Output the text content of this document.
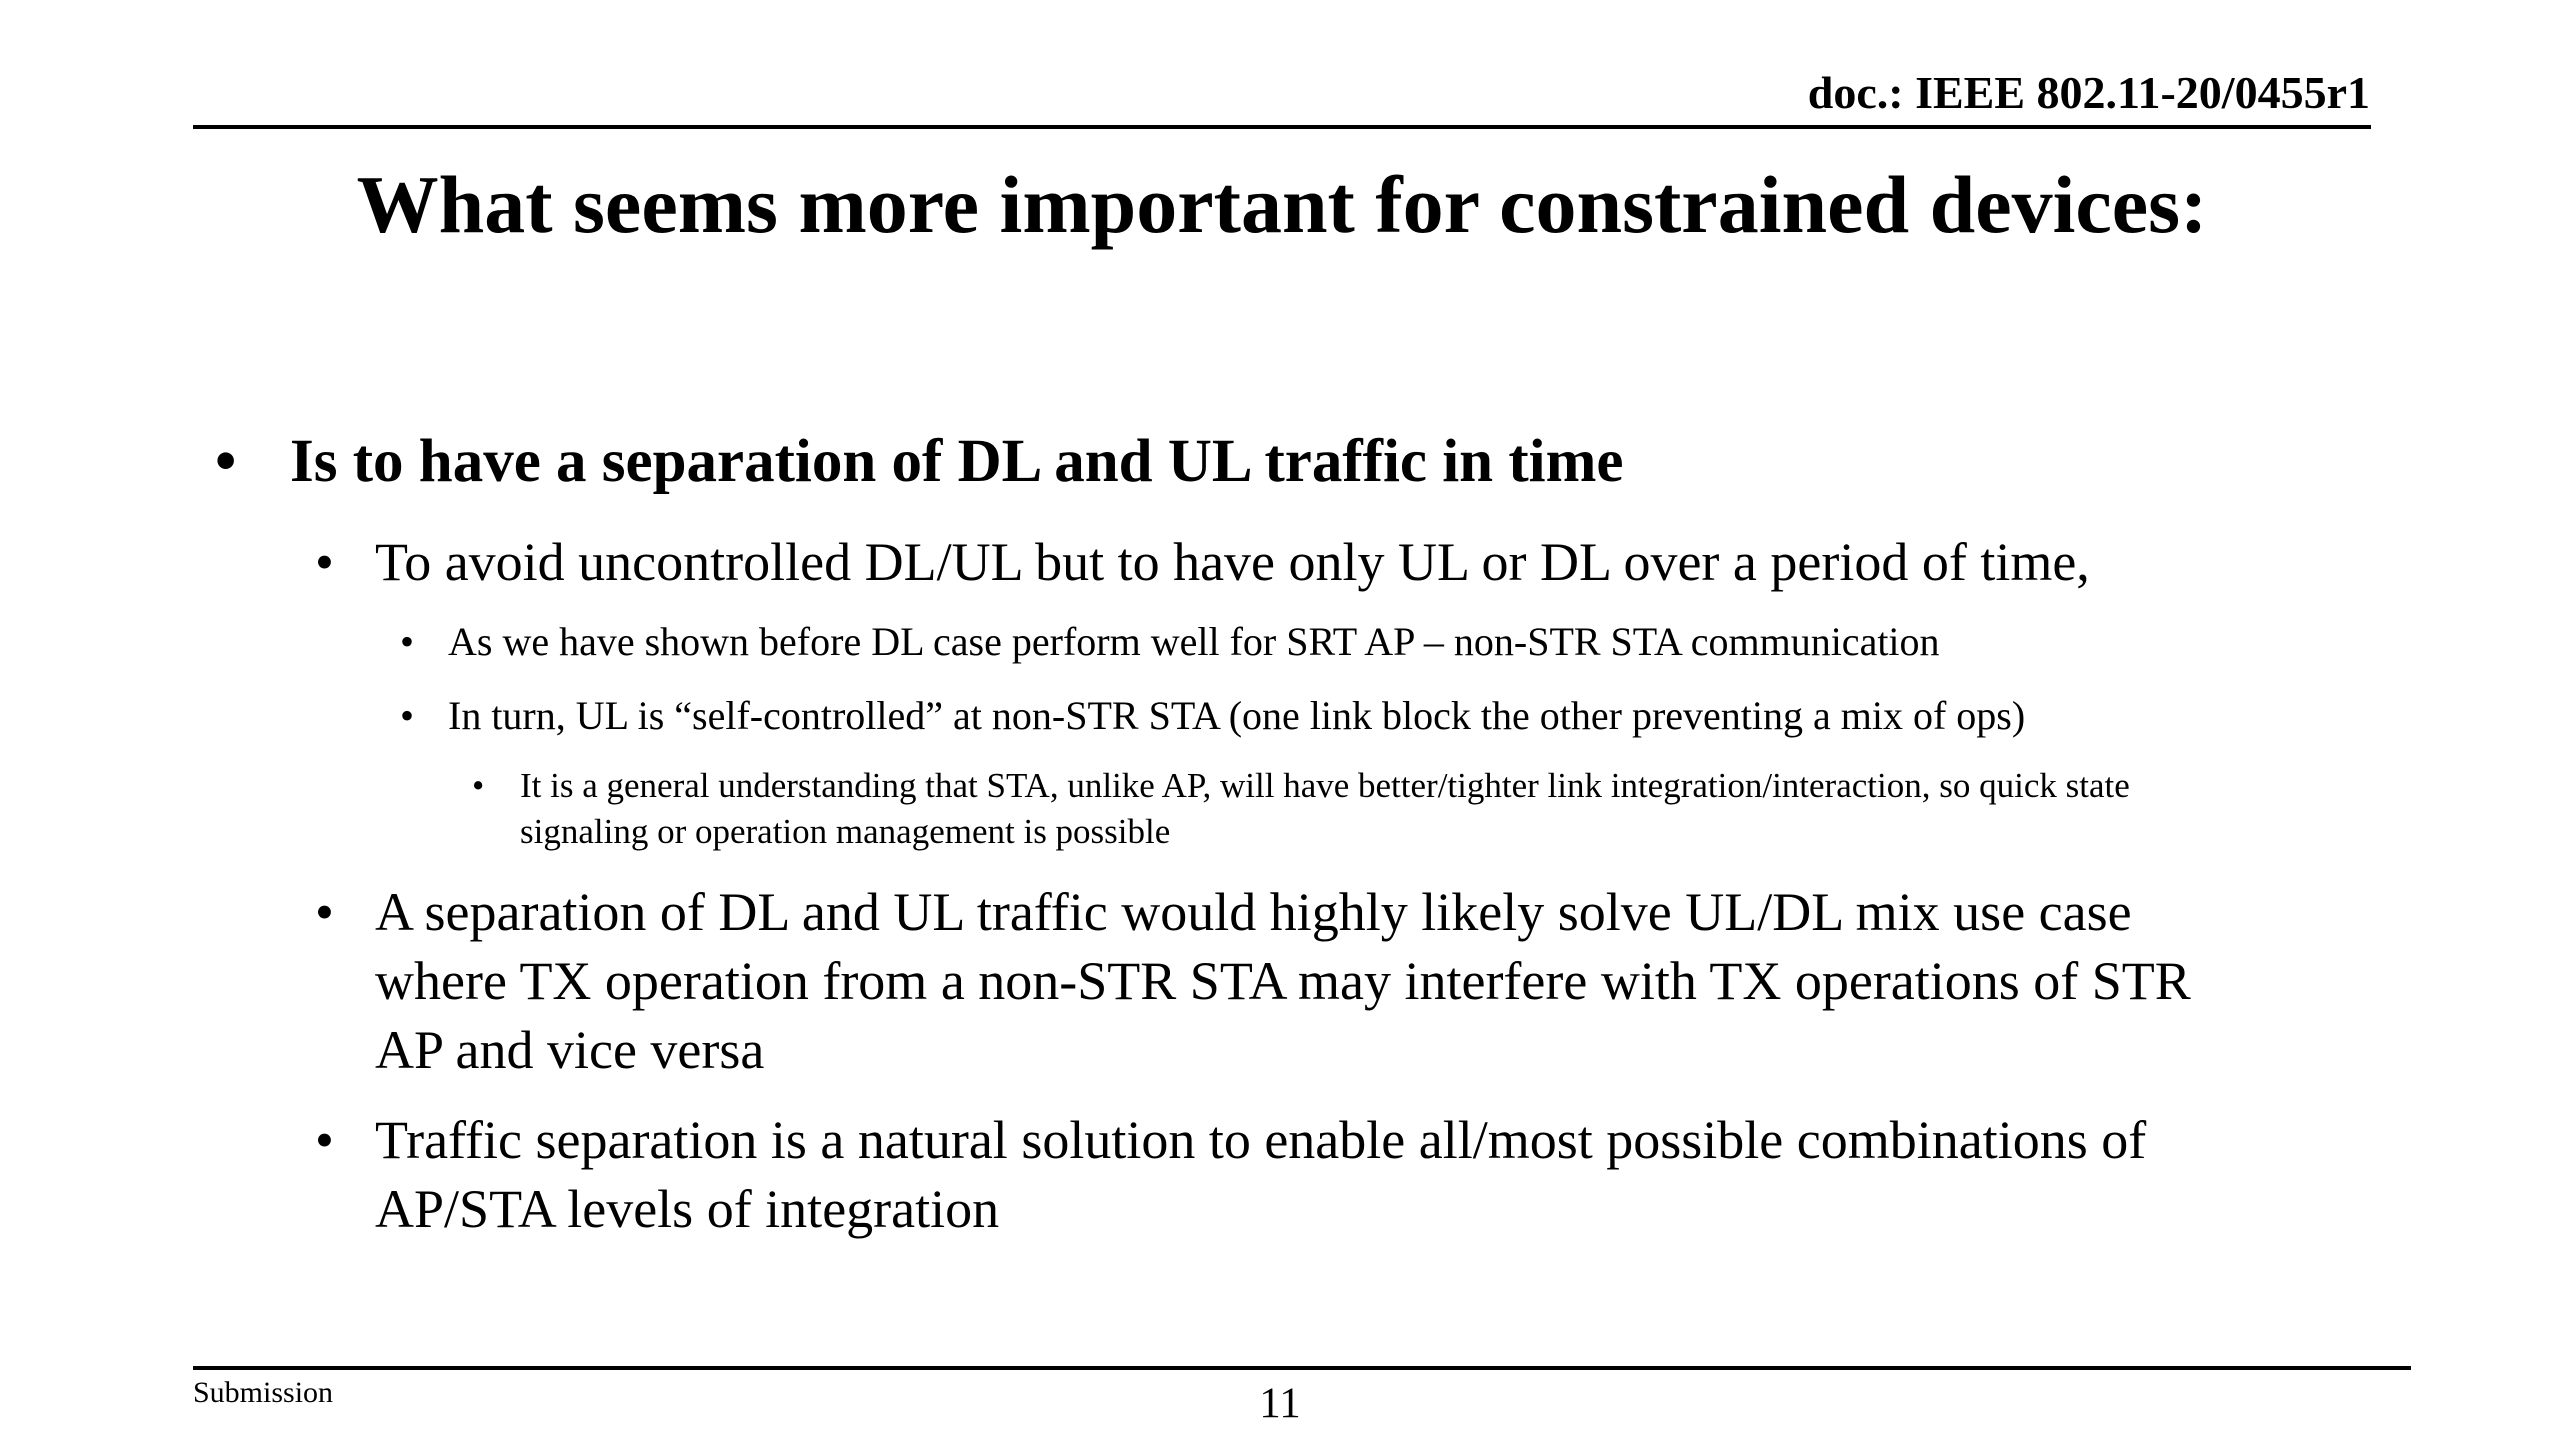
doc.: IEEE 802.11-20/0455r1
What seems more important for constrained devices:
• Is to have a separation of DL and UL traffic in time
• To avoid uncontrolled DL/UL but to have only UL or DL over a period of time,
• As we have shown before DL case perform well for SRT AP – non-STR STA communication
• In turn, UL is “self-controlled” at non-STR STA (one link block the other preventing a mix of ops)
• It is a general understanding that STA, unlike AP, will have better/tighter link integration/interaction, so quick state
signaling or operation management is possible
• A separation of DL and UL traffic would highly likely solve UL/DL mix use case
where TX operation from a non-STR STA may interfere with TX operations of STR
AP and vice versa
• Traffic separation is a natural solution to enable all/most possible combinations of
AP/STA levels of integration
Submission	11
